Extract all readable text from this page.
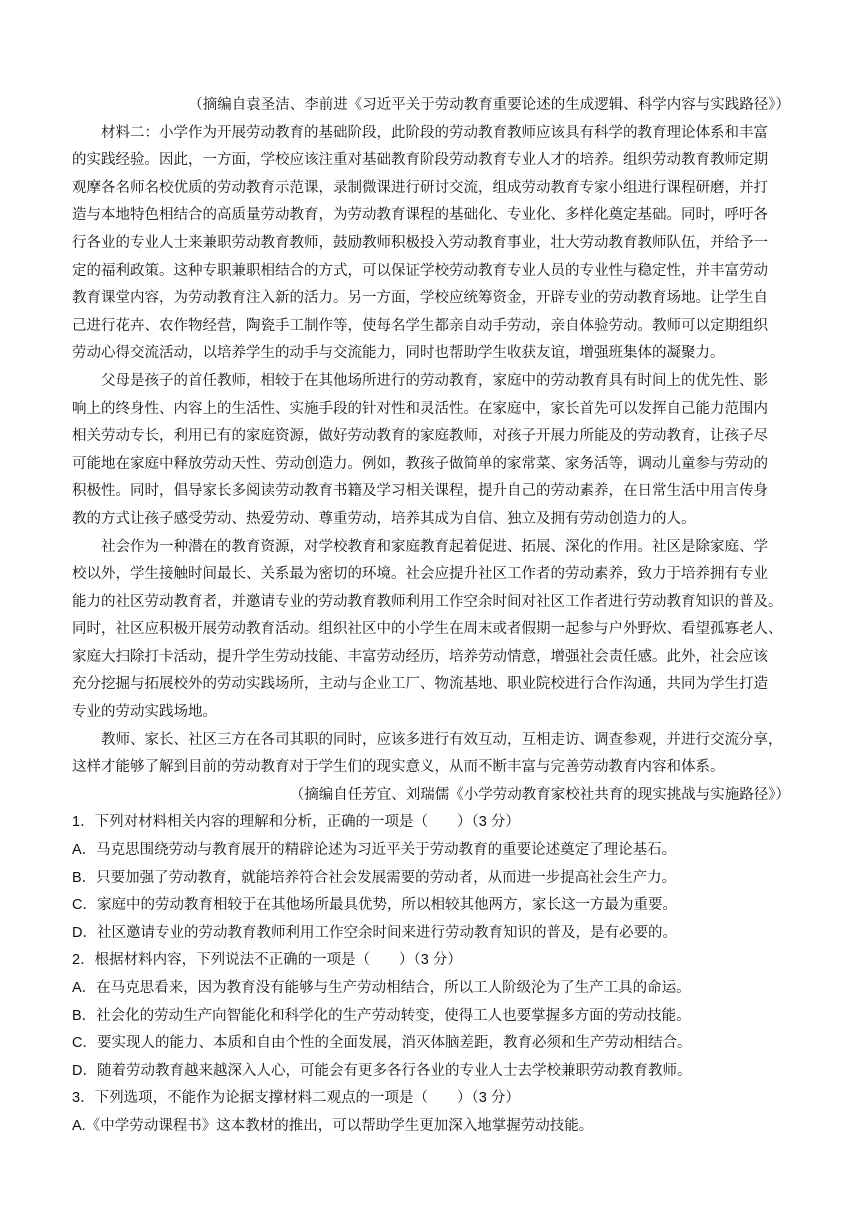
（摘编自袁圣洁、李前进《习近平关于劳动教育重要论述的生成逻辑、科学内容与实践路径》）
材料二：小学作为开展劳动教育的基础阶段，此阶段的劳动教育教师应该具有科学的教育理论体系和丰富
的实践经验。因此，一方面，学校应该注重对基础教育阶段劳动教育专业人才的培养。组织劳动教育教师定期
观摩各名师名校优质的劳动教育示范课，录制微课进行研讨交流，组成劳动教育专家小组进行课程研磨，并打
造与本地特色相结合的高质量劳动教育，为劳动教育课程的基础化、专业化、多样化奠定基础。同时，呼吁各
行各业的专业人士来兼职劳动教育教师，鼓励教师积极投入劳动教育事业，壮大劳动教育教师队伍，并给予一
定的福利政策。这种专职兼职相结合的方式，可以保证学校劳动教育专业人员的专业性与稳定性，并丰富劳动
教育课堂内容，为劳动教育注入新的活力。另一方面，学校应统筹资金，开辟专业的劳动教育场地。让学生自
己进行花卉、农作物经营，陶瓷手工制作等，使每名学生都亲自动手劳动，亲自体验劳动。教师可以定期组织
劳动心得交流活动，以培养学生的动手与交流能力，同时也帮助学生收获友谊，增强班集体的凝聚力。
父母是孩子的首任教师，相较于在其他场所进行的劳动教育，家庭中的劳动教育具有时间上的优先性、影
响上的终身性、内容上的生活性、实施手段的针对性和灵活性。在家庭中，家长首先可以发挥自己能力范围内
相关劳动专长，利用已有的家庭资源，做好劳动教育的家庭教师，对孩子开展力所能及的劳动教育，让孩子尽
可能地在家庭中释放劳动天性、劳动创造力。例如，教孩子做简单的家常菜、家务活等，调动儿童参与劳动的
积极性。同时，倡导家长多阅读劳动教育书籍及学习相关课程，提升自己的劳动素养，在日常生活中用言传身
教的方式让孩子感受劳动、热爱劳动、尊重劳动，培养其成为自信、独立及拥有劳动创造力的人。
社会作为一种潜在的教育资源，对学校教育和家庭教育起着促进、拓展、深化的作用。社区是除家庭、学
校以外，学生接触时间最长、关系最为密切的环境。社会应提升社区工作者的劳动素养，致力于培养拥有专业
能力的社区劳动教育者，并邀请专业的劳动教育教师利用工作空余时间对社区工作者进行劳动教育知识的普及。
同时，社区应积极开展劳动教育活动。组织社区中的小学生在周末或者假期一起参与户外野炊、看望孤寡老人、
家庭大扫除打卡活动，提升学生劳动技能、丰富劳动经历，培养劳动情意，增强社会责任感。此外，社会应该
充分挖掘与拓展校外的劳动实践场所，主动与企业工厂、物流基地、职业院校进行合作沟通，共同为学生打造
专业的劳动实践场地。
教师、家长、社区三方在各司其职的同时，应该多进行有效互动，互相走访、调查参观，并进行交流分享，
这样才能够了解到目前的劳动教育对于学生们的现实意义，从而不断丰富与完善劳动教育内容和体系。
（摘编自任芳宜、刘瑞儒《小学劳动教育家校社共育的现实挑战与实施路径》）
1．下列对材料相关内容的理解和分析，正确的一项是（　　）（3 分）
A．马克思围绕劳动与教育展开的精辟论述为习近平关于劳动教育的重要论述奠定了理论基石。
B．只要加强了劳动教育，就能培养符合社会发展需要的劳动者，从而进一步提高社会生产力。
C．家庭中的劳动教育相较于在其他场所最具优势，所以相较其他两方，家长这一方最为重要。
D．社区邀请专业的劳动教育教师利用工作空余时间来进行劳动教育知识的普及，是有必要的。
2．根据材料内容，下列说法不正确的一项是（　　）（3 分）
A．在马克思看来，因为教育没有能够与生产劳动相结合，所以工人阶级沦为了生产工具的命运。
B．社会化的劳动生产向智能化和科学化的生产劳动转变，使得工人也要掌握多方面的劳动技能。
C．要实现人的能力、本质和自由个性的全面发展，消灭体脑差距，教育必须和生产劳动相结合。
D．随着劳动教育越来越深入人心，可能会有更多各行各业的专业人士去学校兼职劳动教育教师。
3．下列选项，不能作为论据支撑材料二观点的一项是（　　）（3 分）
A.《中学劳动课程书》这本教材的推出，可以帮助学生更加深入地掌握劳动技能。
